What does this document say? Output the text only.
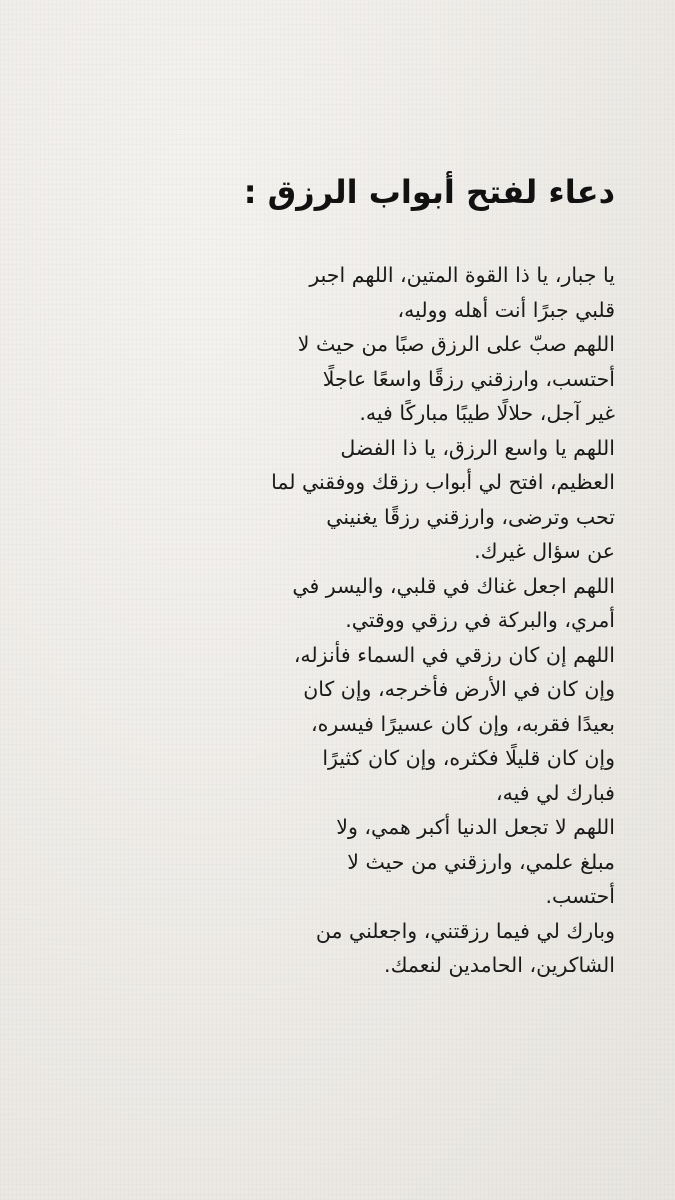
دعاء لفتح أبواب الرزق :
يا جبار، يا ذا القوة المتين، اللهم اجبر
قلبي جبرًا أنت أهله ووليه،
اللهم صبّ على الرزق صبًا من حيث لا
أحتسب، وارزقني رزقًا واسعًا عاجلًا
غير آجل، حلالًا طيبًا مباركًا فيه.
اللهم يا واسع الرزق، يا ذا الفضل
العظيم، افتح لي أبواب رزقك ووفقني لما
تحب وترضى، وارزقني رزقًا يغنيني
عن سؤال غيرك.
اللهم اجعل غناك في قلبي، واليسر في
أمري، والبركة في رزقي ووقتي.
اللهم إن كان رزقي في السماء فأنزله،
وإن كان في الأرض فأخرجه، وإن كان
بعيدًا فقربه، وإن كان عسيرًا فيسره،
وإن كان قليلًا فكثره، وإن كان كثيرًا
فبارك لي فيه،
اللهم لا تجعل الدنيا أكبر همي، ولا
مبلغ علمي، وارزقني من حيث لا
أحتسب.
وبارك لي فيما رزقتني، واجعلني من
الشاكرين، الحامدين لنعمك.
